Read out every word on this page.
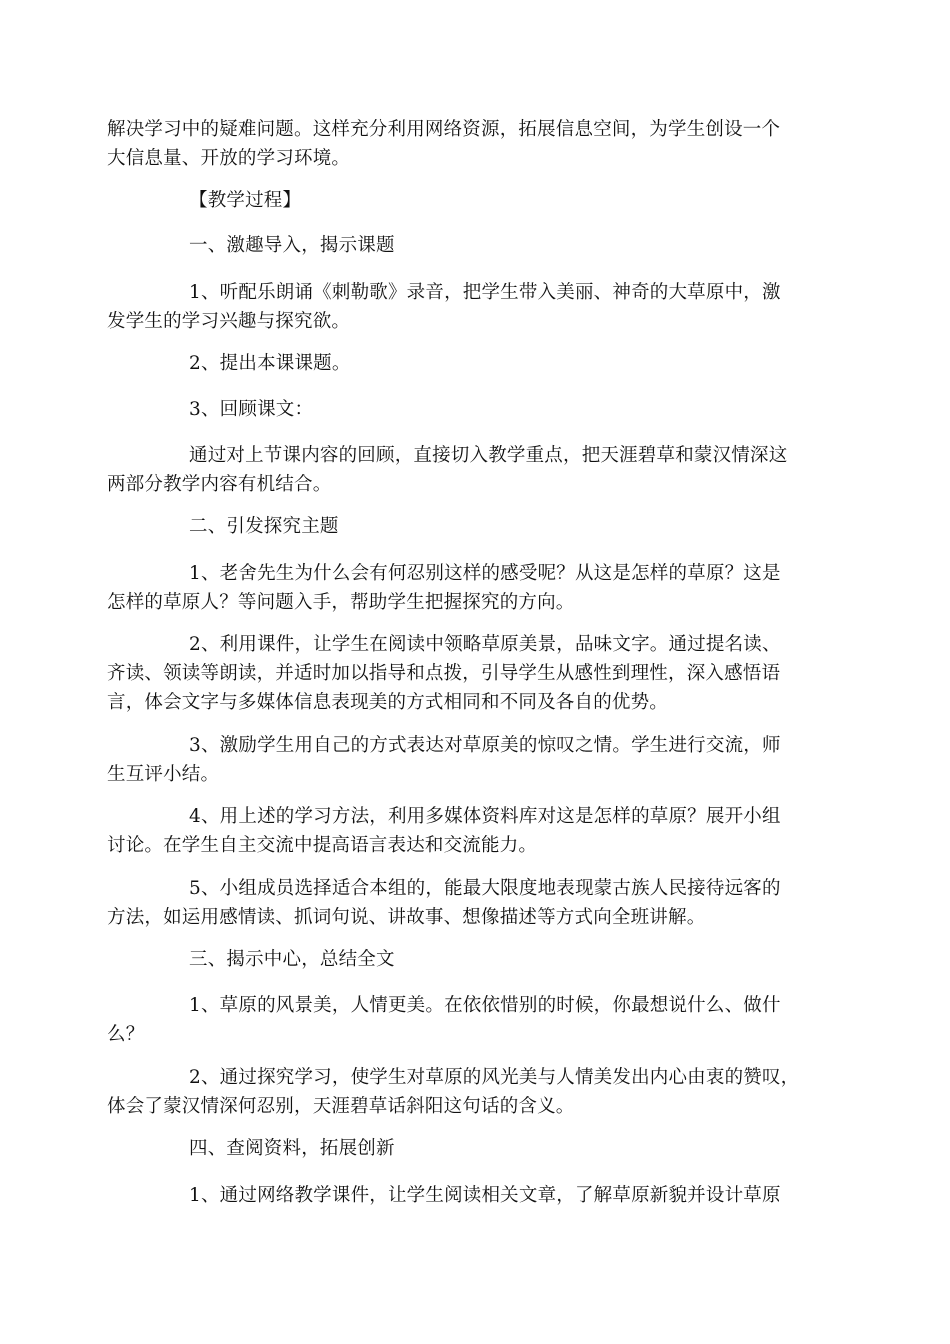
解决学习中的疑难问题。这样充分利用网络资源，拓展信息空间，为学生创设一个
大信息量、开放的学习环境。

【教学过程】

一、激趣导入，揭示课题

1、听配乐朗诵《刺勒歌》录音，把学生带入美丽、神奇的大草原中，激
发学生的学习兴趣与探究欲。

2、提出本课课题。

3、回顾课文：

通过对上节课内容的回顾，直接切入教学重点，把天涯碧草和蒙汉情深这
两部分教学内容有机结合。

二、引发探究主题

1、老舍先生为什么会有何忍别这样的感受呢？从这是怎样的草原？这是
怎样的草原人？等问题入手，帮助学生把握探究的方向。

2、利用课件，让学生在阅读中领略草原美景，品味文字。通过提名读、
齐读、领读等朗读，并适时加以指导和点拨，引导学生从感性到理性，深入感悟语
言，体会文字与多媒体信息表现美的方式相同和不同及各自的优势。

3、激励学生用自己的方式表达对草原美的惊叹之情。学生进行交流，师
生互评小结。

4、用上述的学习方法，利用多媒体资料库对这是怎样的草原？展开小组
讨论。在学生自主交流中提高语言表达和交流能力。

5、小组成员选择适合本组的，能最大限度地表现蒙古族人民接待远客的
方法，如运用感情读、抓词句说、讲故事、想像描述等方式向全班讲解。

三、揭示中心，总结全文

1、草原的风景美，人情更美。在依依惜别的时候，你最想说什么、做什
么？

2、通过探究学习，使学生对草原的风光美与人情美发出内心由衷的赞叹，
体会了蒙汉情深何忍别，天涯碧草话斜阳这句话的含义。

四、查阅资料，拓展创新

1、通过网络教学课件，让学生阅读相关文章，了解草原新貌并设计草原
